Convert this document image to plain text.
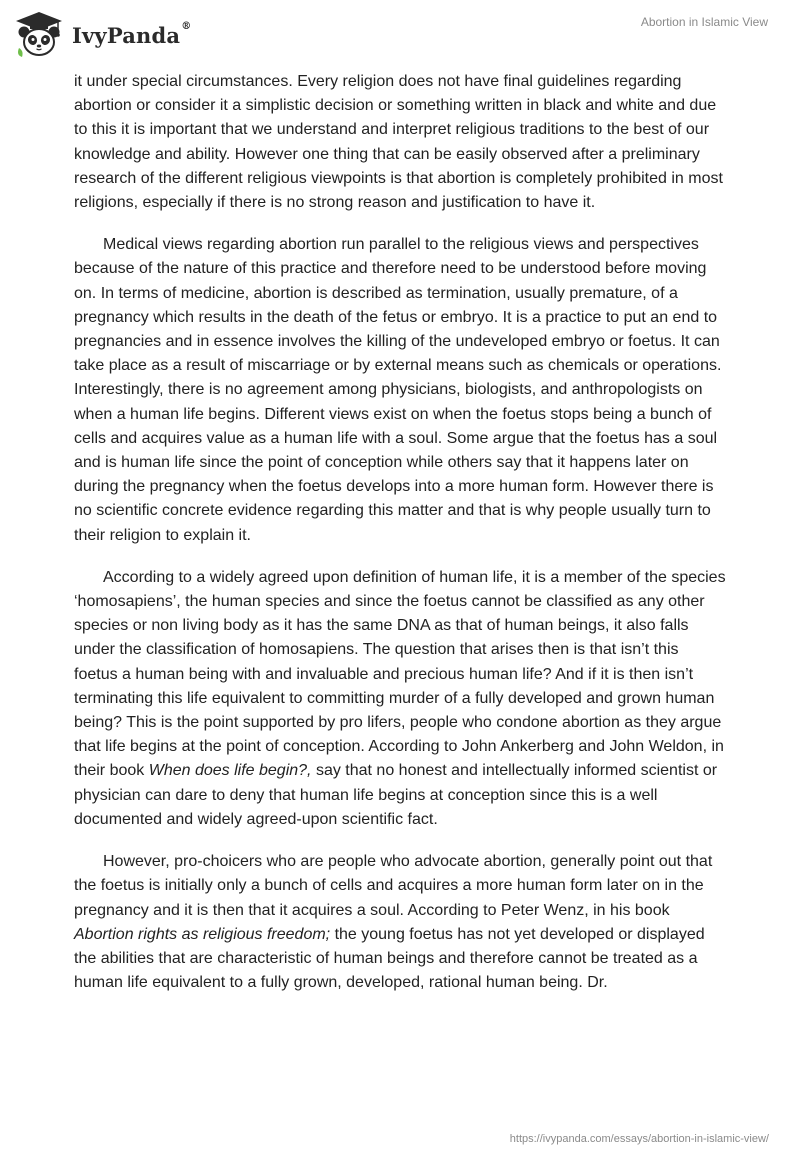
IvyPanda®	Abortion in Islamic View

it under special circumstances. Every religion does not have final guidelines regarding abortion or consider it a simplistic decision or something written in black and white and due to this it is important that we understand and interpret religious traditions to the best of our knowledge and ability. However one thing that can be easily observed after a preliminary research of the different religious viewpoints is that abortion is completely prohibited in most religions, especially if there is no strong reason and justification to have it.

Medical views regarding abortion run parallel to the religious views and perspectives because of the nature of this practice and therefore need to be understood before moving on. In terms of medicine, abortion is described as termination, usually premature, of a pregnancy which results in the death of the fetus or embryo. It is a practice to put an end to pregnancies and in essence involves the killing of the undeveloped embryo or foetus. It can take place as a result of miscarriage or by external means such as chemicals or operations. Interestingly, there is no agreement among physicians, biologists, and anthropologists on when a human life begins. Different views exist on when the foetus stops being a bunch of cells and acquires value as a human life with a soul. Some argue that the foetus has a soul and is human life since the point of conception while others say that it happens later on during the pregnancy when the foetus develops into a more human form. However there is no scientific concrete evidence regarding this matter and that is why people usually turn to their religion to explain it.

According to a widely agreed upon definition of human life, it is a member of the species ‘homosapiens’, the human species and since the foetus cannot be classified as any other species or non living body as it has the same DNA as that of human beings, it also falls under the classification of homosapiens. The question that arises then is that isn’t this foetus a human being with and invaluable and precious human life? And if it is then isn’t terminating this life equivalent to committing murder of a fully developed and grown human being? This is the point supported by pro lifers, people who condone abortion as they argue that life begins at the point of conception. According to John Ankerberg and John Weldon, in their book When does life begin?, say that no honest and intellectually informed scientist or physician can dare to deny that human life begins at conception since this is a well documented and widely agreed-upon scientific fact.

However, pro-choicers who are people who advocate abortion, generally point out that the foetus is initially only a bunch of cells and acquires a more human form later on in the pregnancy and it is then that it acquires a soul. According to Peter Wenz, in his book Abortion rights as religious freedom; the young foetus has not yet developed or displayed the abilities that are characteristic of human beings and therefore cannot be treated as a human life equivalent to a fully grown, developed, rational human being. Dr.

https://ivypanda.com/essays/abortion-in-islamic-view/
